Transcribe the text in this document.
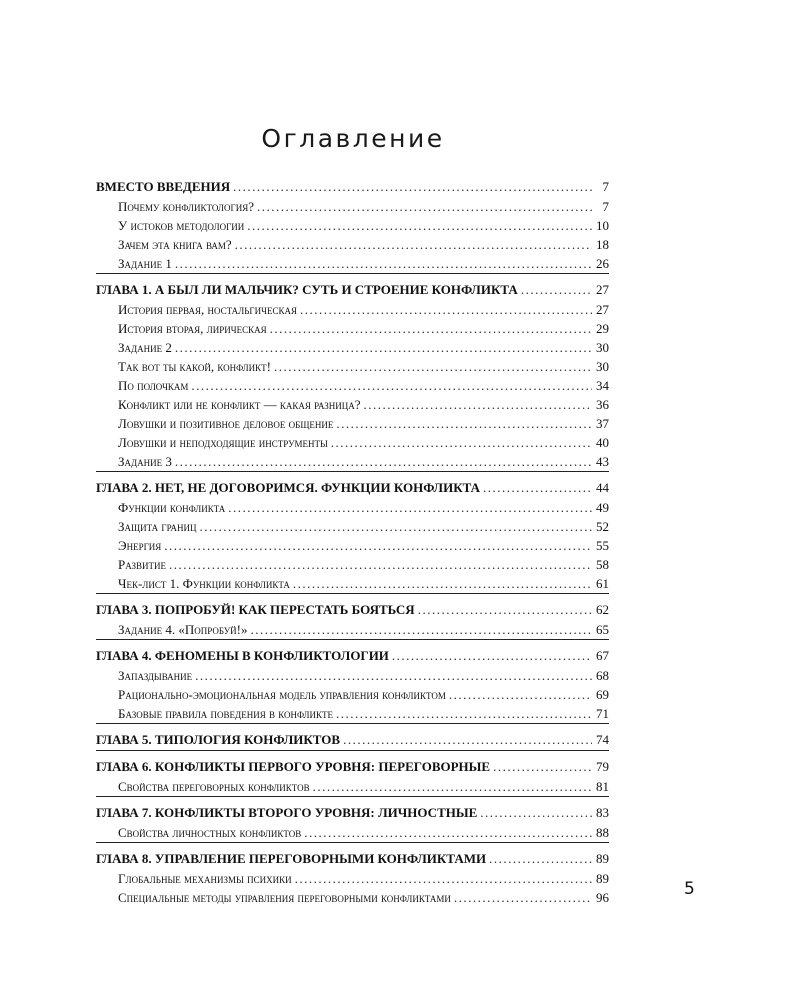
Оглавление
ВМЕСТО ВВЕДЕНИЯ .....	7
Почему конфликтология? .....	7
У истоков методологии .....	10
Зачем эта книга вам? .....	18
Задание 1 .....	26
ГЛАВА 1. А БЫЛ ЛИ МАЛЬЧИК? СУТЬ И СТРОЕНИЕ КОНФЛИКТА .....	27
История первая, ностальгическая .....	27
История вторая, лирическая .....	29
Задание 2 .....	30
Так вот ты какой, конфликт! .....	30
По полочкам .....	34
Конфликт или не конфликт — какая разница? .....	36
Ловушки и позитивное деловое общение .....	37
Ловушки и неподходящие инструменты .....	40
Задание 3 .....	43
ГЛАВА 2. НЕТ, НЕ ДОГОВОРИМСЯ. ФУНКЦИИ КОНФЛИКТА .....	44
Функции конфликта .....	49
Защита границ .....	52
Энергия .....	55
Развитие .....	58
Чек-лист 1. Функции конфликта .....	61
ГЛАВА 3. ПОПРОБУЙ! КАК ПЕРЕСТАТЬ БОЯТЬСЯ .....	62
Задание 4. «Попробуй!» .....	65
ГЛАВА 4. ФЕНОМЕНЫ В КОНФЛИКТОЛОГИИ .....	67
Запаздывание .....	68
Рационально-эмоциональная модель управления конфликтом .....	69
Базовые правила поведения в конфликте .....	71
ГЛАВА 5. ТИПОЛОГИЯ КОНФЛИКТОВ .....	74
ГЛАВА 6. КОНФЛИКТЫ ПЕРВОГО УРОВНЯ: ПЕРЕГОВОРНЫЕ .....	79
Свойства переговорных конфликтов .....	81
ГЛАВА 7. КОНФЛИКТЫ ВТОРОГО УРОВНЯ: ЛИЧНОСТНЫЕ .....	83
Свойства личностных конфликтов .....	88
ГЛАВА 8. УПРАВЛЕНИЕ ПЕРЕГОВОРНЫМИ КОНФЛИКТАМИ .....	89
Глобальные механизмы психики .....	89
Специальные методы управления переговорными конфликтами .....	96	5
